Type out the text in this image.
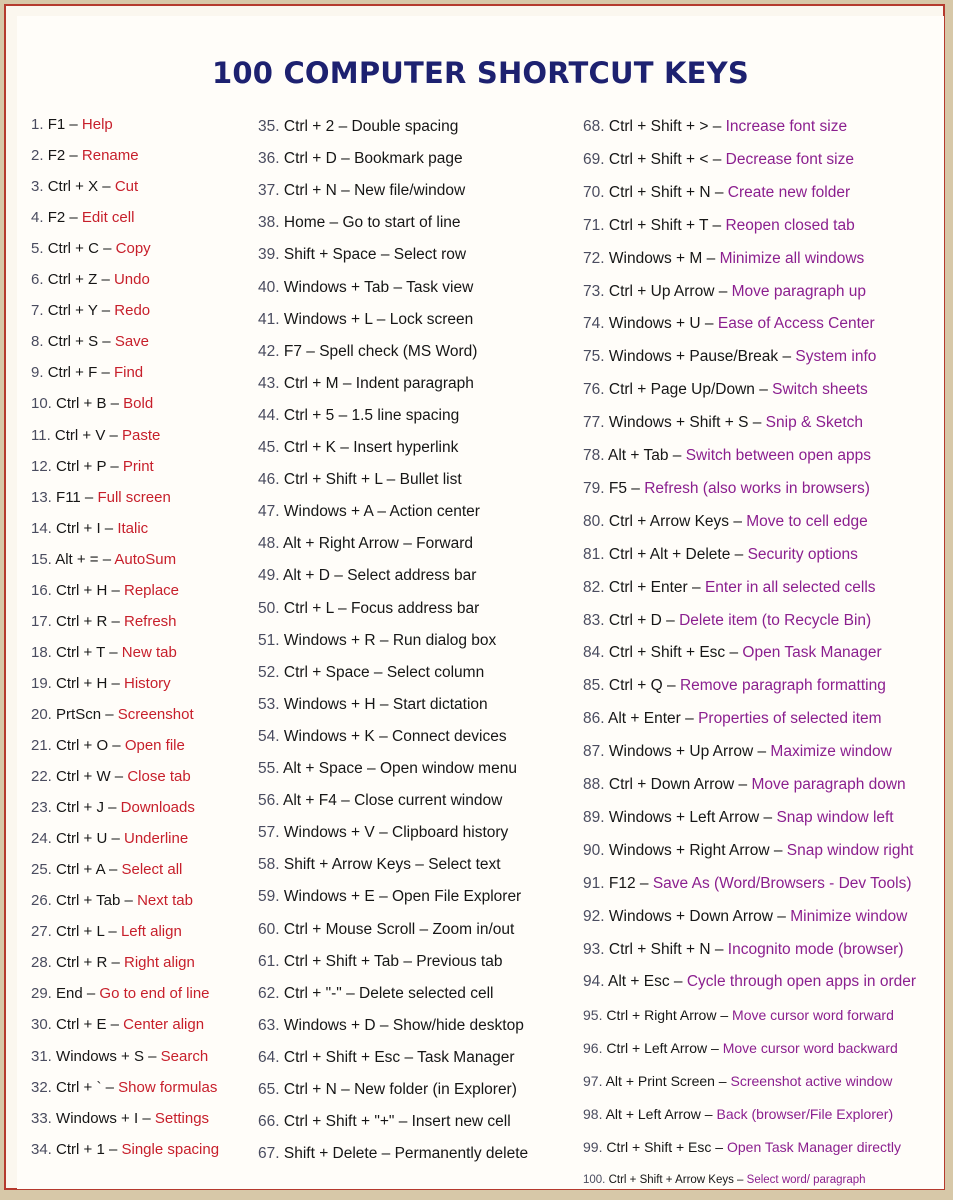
100 COMPUTER SHORTCUT KEYS
1. F1 – Help
2. F2 – Rename
3. Ctrl + X – Cut
4. F2 – Edit cell
5. Ctrl + C – Copy
6. Ctrl + Z – Undo
7. Ctrl + Y – Redo
8. Ctrl + S – Save
9. Ctrl + F – Find
10. Ctrl + B – Bold
11. Ctrl + V – Paste
12. Ctrl + P – Print
13. F11 – Full screen
14. Ctrl + I – Italic
15. Alt + = – AutoSum
16. Ctrl + H – Replace
17. Ctrl + R – Refresh
18. Ctrl + T – New tab
19. Ctrl + H – History
20. PrtScn – Screenshot
21. Ctrl + O – Open file
22. Ctrl + W – Close tab
23. Ctrl + J – Downloads
24. Ctrl + U – Underline
25. Ctrl + A – Select all
26. Ctrl + Tab – Next tab
27. Ctrl + L – Left align
28. Ctrl + R – Right align
29. End – Go to end of line
30. Ctrl + E – Center align
31. Windows + S – Search
32. Ctrl + ` – Show formulas
33. Windows + I – Settings
34. Ctrl + 1 – Single spacing
35. Ctrl + 2 – Double spacing
36. Ctrl + D – Bookmark page
37. Ctrl + N – New file/window
38. Home – Go to start of line
39. Shift + Space – Select row
40. Windows + Tab – Task view
41. Windows + L – Lock screen
42. F7 – Spell check (MS Word)
43. Ctrl + M – Indent paragraph
44. Ctrl + 5 – 1.5 line spacing
45. Ctrl + K – Insert hyperlink
46. Ctrl + Shift + L – Bullet list
47. Windows + A – Action center
48. Alt + Right Arrow – Forward
49. Alt + D – Select address bar
50. Ctrl + L – Focus address bar
51. Windows + R – Run dialog box
52. Ctrl + Space – Select column
53. Windows + H – Start dictation
54. Windows + K – Connect devices
55. Alt + Space – Open window menu
56. Alt + F4 – Close current window
57. Windows + V – Clipboard history
58. Shift + Arrow Keys – Select text
59. Windows + E – Open File Explorer
60. Ctrl + Mouse Scroll – Zoom in/out
61. Ctrl + Shift + Tab – Previous tab
62. Ctrl + "-" – Delete selected cell
63. Windows + D – Show/hide desktop
64. Ctrl + Shift + Esc – Task Manager
65. Ctrl + N – New folder (in Explorer)
66. Ctrl + Shift + "+" – Insert new cell
67. Shift + Delete – Permanently delete
68. Ctrl + Shift + > – Increase font size
69. Ctrl + Shift + < – Decrease font size
70. Ctrl + Shift + N – Create new folder
71. Ctrl + Shift + T – Reopen closed tab
72. Windows + M – Minimize all windows
73. Ctrl + Up Arrow – Move paragraph up
74. Windows + U – Ease of Access Center
75. Windows + Pause/Break – System info
76. Ctrl + Page Up/Down – Switch sheets
77. Windows + Shift + S – Snip & Sketch
78. Alt + Tab – Switch between open apps
79. F5 – Refresh (also works in browsers)
80. Ctrl + Arrow Keys – Move to cell edge
81. Ctrl + Alt + Delete – Security options
82. Ctrl + Enter – Enter in all selected cells
83. Ctrl + D – Delete item (to Recycle Bin)
84. Ctrl + Shift + Esc – Open Task Manager
85. Ctrl + Q – Remove paragraph formatting
86. Alt + Enter – Properties of selected item
87. Windows + Up Arrow – Maximize window
88. Ctrl + Down Arrow – Move paragraph down
89. Windows + Left Arrow – Snap window left
90. Windows + Right Arrow – Snap window right
91. F12 – Save As (Word/Browsers - Dev Tools)
92. Windows + Down Arrow – Minimize window
93. Ctrl + Shift + N – Incognito mode (browser)
94. Alt + Esc – Cycle through open apps in order
95. Ctrl + Right Arrow – Move cursor word forward
96. Ctrl + Left Arrow – Move cursor word backward
97. Alt + Print Screen – Screenshot active window
98. Alt + Left Arrow – Back (browser/File Explorer)
99. Ctrl + Shift + Esc – Open Task Manager directly
100. Ctrl + Shift + Arrow Keys – Select word/ paragraph
